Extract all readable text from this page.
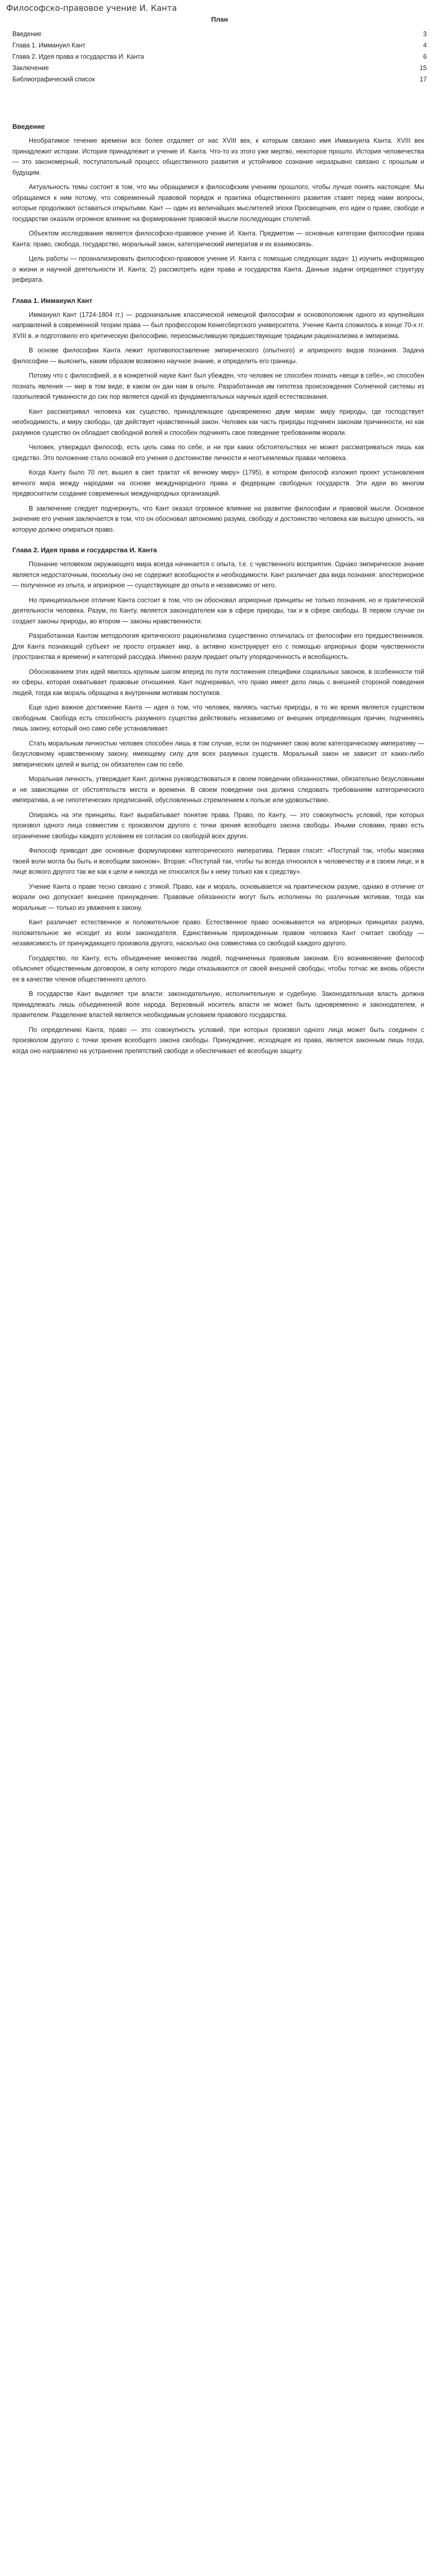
Философско-правовое учение И. Канта
План
Введение	3
Глава 1. Иммануил Кант	4
Глава 2. Идея права и государства И. Канта	6
Заключение	15
Библиографический список	17
Введение

Необратимое течение времени все более отдаляет от нас XVIII век, к которым связано имя Иммануила Канта. XVIII век принадлежит истории. История принадлежит и учение И. Канта. Что-то из этого уже мертво, некоторое прошло. История человечества — это закономерный, поступательный процесс общественного развития и устойчивое сознание неразрывно связано с прошлым и будущим.

Актуальность темы состоит в том, что мы обращаемся к философским учениям прошлого, чтобы лучше понять настоящее. Мы обращаемся к ним потому, что современный правовой порядок и практика общественного развития ставят перед нами вопросы, которые продолжают оставаться открытыми. Кант — один из величайших мыслителей эпохи Просвещения, его идеи о праве, свободе и государстве оказали огромное влияние на формирование правовой мысли последующих столетий.

Объектом исследования является философско-правовое учение И. Канта. Предметом — основные категории философии права Канта: право, свобода, государство, моральный закон, категорический императив и их взаимосвязь.

Цель работы — проанализировать философско-правовое учение И. Канта с помощью следующих задач: 1) изучить информацию о жизни и научной деятельности И. Канта; 2) рассмотреть идеи права и государства Канта. Данные задачи определяют структуру реферата.

Глава 1. Иммануил Кант

Иммануил Кант (1724-1804 гг.) — родоначальник классической немецкой философии и основоположник одного из крупнейших направлений в современной теории права — был профессором Кенигсбергского университета. Учение Канта сложилось в конце 70-х гг. XVIII в. и подготовило его критическую философию, переосмыслившую предшествующие традиции рационализма и эмпиризма.

В основе философии Канта лежит противопоставление эмпирического (опытного) и априорного видов познания. Задача философии — выяснить, каким образом возможно научное знание, и определить его границы.

Потому что с философией, а в конкретной науке Кант был убежден, что человек не способен познать «вещи в себе», но способен познать явления — мир в том виде, в каком он дан нам в опыте. Разработанная им гипотеза происхождения Солнечной системы из газопылевой туманности до сих пор является одной из фундаментальных научных идей естествознания.

Кант рассматривал человека как существо, принадлежащее одновременно двум мирам: миру природы, где господствует необходимость, и миру свободы, где действует нравственный закон. Человек как часть природы подчинен законам причинности, но как разумное существо он обладает свободной волей и способен подчинять свое поведение требованиям морали.

Человек, утверждал философ, есть цель сама по себе, и ни при каких обстоятельствах не может рассматриваться лишь как средство. Это положение стало основой его учения о достоинстве личности и неотъемлемых правах человека.

Когда Канту было 70 лет, вышел в свет трактат «К вечному миру» (1795), в котором философ изложил проект установления вечного мира между народами на основе международного права и федерации свободных государств. Эти идеи во многом предвосхитили создание современных международных организаций.

В заключение следует подчеркнуть, что Кант оказал огромное влияние на развитие философии и правовой мысли. Основное значение его учения заключается в том, что он обосновал автономию разума, свободу и достоинство человека как высшую ценность, на которую должно опираться право.

Глава 2. Идея права и государства И. Канта

Познание человеком окружающего мира всегда начинается с опыта, т.е. с чувственного восприятия. Однако эмпирическое знание является недостаточным, поскольку оно не содержит всеобщности и необходимости. Кант различает два вида познания: апостериорное — полученное из опыта, и априорное — существующее до опыта и независимо от него.

Но принципиальное отличие Канта состоит в том, что он обосновал априорные принципы не только познания, но и практической деятельности человека. Разум, по Канту, является законодателем как в сфере природы, так и в сфере свободы. В первом случае он создает законы природы, во втором — законы нравственности.

Разработанная Кантом методология критического рационализма существенно отличалась от философии его предшественников. Для Канта познающий субъект не просто отражает мир, а активно конструирует его с помощью априорных форм чувственности (пространства и времени) и категорий рассудка. Именно разум придает опыту упорядоченность и всеобщность.

Обоснованием этих идей явилось крупным шагом вперед по пути постижения специфики социальных законов, в особенности той их сферы, которая охватывает правовые отношения. Кант подчеркивал, что право имеет дело лишь с внешней стороной поведения людей, тогда как мораль обращена к внутренним мотивам поступков.

Еще одно важное достижение Канта — идея о том, что человек, являясь частью природы, в то же время является существом свободным. Свобода есть способность разумного существа действовать независимо от внешних определяющих причин, подчиняясь лишь закону, который оно само себе устанавливает.

Стать моральным личностью человек способен лишь в том случае, если он подчиняет свою волю категорическому императиву — безусловному нравственному закону, имеющему силу для всех разумных существ. Моральный закон не зависит от каких-либо эмпирических целей и выгод; он обязателен сам по себе.

Моральная личность, утверждает Кант, должна руководствоваться в своем поведении обязанностями, обязательно безусловными и не зависящими от обстоятельств места и времени. В своем поведении она должна следовать требованиям категорического императива, а не гипотетических предписаний, обусловленных стремлением к пользе или удовольствию.

Опираясь на эти принципы, Кант вырабатывает понятие права. Право, по Канту, — это совокупность условий, при которых произвол одного лица совместим с произволом другого с точки зрения всеобщего закона свободы. Иными словами, право есть ограничение свободы каждого условием ее согласия со свободой всех других.

Философ приводит две основные формулировки категорического императива. Первая гласит: «Поступай так, чтобы максима твоей воли могла бы быть и всеобщим законом». Вторая: «Поступай так, чтобы ты всегда относился к человечеству и в своем лице, и в лице всякого другого так же как к цели и никогда не относился бы к нему только как к средству».

Учение Канта о праве тесно связано с этикой. Право, как и мораль, основывается на практическом разуме, однако в отличие от морали оно допускает внешнее принуждение. Правовые обязанности могут быть исполнены по различным мотивам, тогда как моральные — только из уважения к закону.

Кант различает естественное и положительное право. Естественное право основывается на априорных принципах разума, положительное же исходит из воли законодателя. Единственным прирожденным правом человека Кант считает свободу — независимость от принуждающего произвола другого, насколько она совместима со свободой каждого другого.

Государство, по Канту, есть объединение множества людей, подчиненных правовым законам. Его возникновение философ объясняет общественным договором, в силу которого люди отказываются от своей внешней свободы, чтобы тотчас же вновь обрести ее в качестве членов общественного целого.

В государстве Кант выделяет три власти: законодательную, исполнительную и судебную. Законодательная власть должна принадлежать лишь объединенной воле народа. Верховный носитель власти не может быть одновременно и законодателем, и правителем. Разделение властей является необходимым условием правового государства.

По определению Канта, право — это совокупность условий, при которых произвол одного лица может быть соединен с произволом другого с точки зрения всеобщего закона свободы. Принуждение, исходящее из права, является законным лишь тогда, когда оно направлено на устранение препятствий свободе и обеспечивает её всеобщую защиту.
